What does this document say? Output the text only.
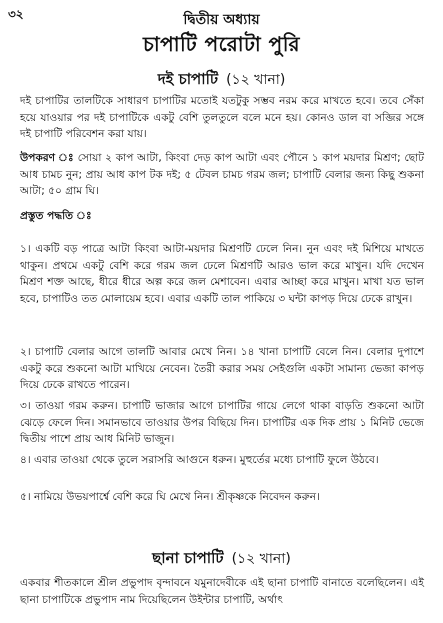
৩২	দ্বিতীয় অধ্যায়
চাপাটি পরোটা পুরি
দই চাপাটি (১২ খানা)

দই চাপাটির তালটিকে সাধারণ চাপাটির মতোই যতটুকু সম্ভব নরম করে মাখতে হবে। তবে সেঁকা হয়ে যাওয়ার পর দই চাপাটিকে একটু বেশি তুলতুলে বলে মনে হয়। কোনও ডাল বা সব্জির সঙ্গে দই চাপাটি পরিবেশন করা যায়।

উপকরণ ঃ সোয়া ২ কাপ আটা, কিংবা দেড় কাপ আটা এবং পৌনে ১ কাপ ময়দার মিশ্রণ; ছোট আধ চামচ নুন; প্রায় আধ কাপ টক দই; ৫ টেবল চামচ গরম জল; চাপাটি বেলার জন্য কিছু শুকনা আটা; ৫০ গ্রাম ঘি।

প্রস্তুত পদ্ধতি ঃ

১। একটি বড় পাত্রে আটা কিংবা আটা-ময়দার মিশ্রণটি ঢেলে নিন। নুন এবং দই মিশিয়ে মাখতে থাকুন। প্রথমে একটু বেশি করে গরম জল ঢেলে মিশ্রণটি আরও ভাল করে মাখুন। যদি দেখেন মিশ্রণ শক্ত আছে, ধীরে ধীরে অল্প করে জল মেশাবেন। এবার আচ্ছা করে মাখুন। মাখা যত ভাল হবে, চাপাটিও তত মোলায়েম হবে। এবার একটি তাল পাকিয়ে ৩ ঘন্টা কাপড় দিয়ে ঢেকে রাখুন।

২। চাপাটি বেলার আগে তালটি আবার মেখে নিন। ১৪ খানা চাপাটি বেলে নিন। বেলার দুপাশে একটু করে শুকনো আটা মাখিয়ে নেবেন। তৈরী করার সময় সেইগুলি একটা সামান্য ভেজা কাপড় দিয়ে ঢেকে রাখতে পারেন।

৩। তাওয়া গরম করুন। চাপাটি ভাজার আগে চাপাটির গায়ে লেগে থাকা বাড়তি শুকনো আটা ঝেড়ে ফেলে দিন। সমানভাবে তাওয়ার উপর বিছিয়ে দিন। চাপাটির এক দিক প্রায় ১ মিনিট ভেজে দ্বিতীয় পাশে প্রায় আধ মিনিট ভাজুন।

৪। এবার তাওয়া থেকে তুলে সরাসরি আগুনে ধরুন। মুহুর্তের মধ্যে চাপাটি ফুলে উঠবে।

৫। নামিয়ে উভয়পার্শ্বে বেশি করে ঘি মেখে নিন। শ্রীকৃষ্ণকে নিবেদন করুন।

ছানা চাপাটি (১২ খানা)

একবার শীতকালে শ্রীল প্রভুপাদ বৃন্দাবনে যমুনাদেবীকে এই ছানা চাপাটি বানাতে বলেছিলেন। এই ছানা চাপাটিকে প্রভুপাদ নাম দিয়েছিলেন উইন্টার চাপাটি, অর্থাৎ
